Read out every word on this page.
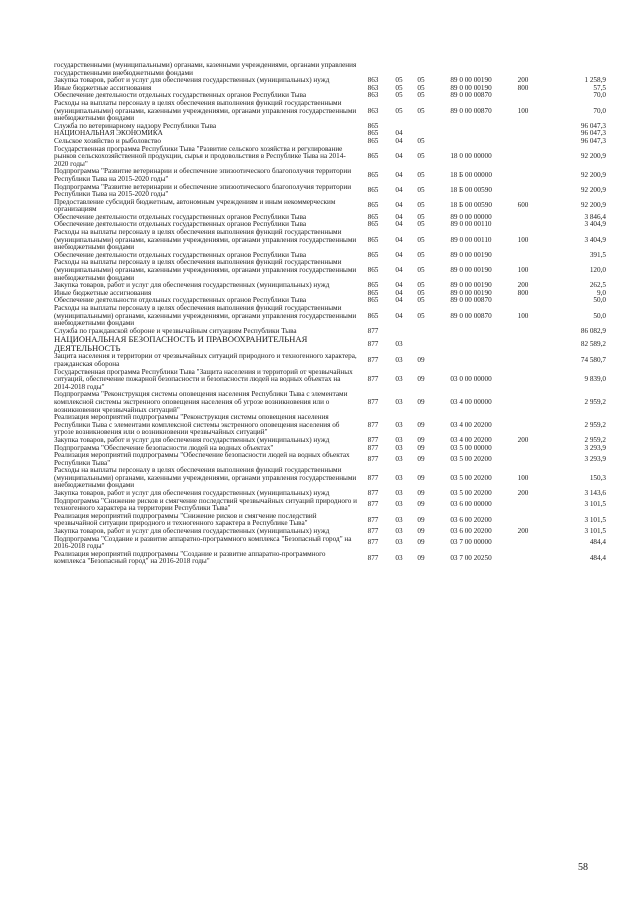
государственными (муниципальными) органами, казенными учреждениями, органами управления государственными внебюджетными фондами						
Закупка товаров, работ и услуг для обеспечения государственных (муниципальных) нужд	863	05	05	89 0 00 00190	200	1 258,9
Иные бюджетные ассигнования	863	05	05	89 0 00 00190	800	57,5
Обеспечение деятельности отдельных государственных органов Республики Тыва	863	05	05	89 0 00 00870		70,0
Расходы на выплаты персоналу в целях обеспечения выполнения функций государственными (муниципальными) органами, казенными учреждениями, органами управления государственными внебюджетными фондами	863	05	05	89 0 00 00870	100	70,0
Служба по ветеринарному надзору Республики Тыва	865					96 047,3
НАЦИОНАЛЬНАЯ ЭКОНОМИКА	865	04				96 047,3
Сельское хозяйство и рыболовство	865	04	05			96 047,3
Государственная программа Республики Тыва "Развитие сельского хозяйства и регулирование рынков сельскохозяйственной продукции, сырья и продовольствия в Республике Тыва на 2014-2020 годы"	865	04	05	18 0 00 00000		92 200,9
Подпрограмма "Развитие ветеринарии и обеспечение эпизоотического благополучия территории Республики Тыва на 2015-2020 годы"	865	04	05	18 Б 00 00000		92 200,9
Подпрограмма "Развитие ветеринарии и обеспечение эпизоотического благополучия территории Республики Тыва на 2015-2020 годы"	865	04	05	18 Б 00 00590		92 200,9
Предоставление субсидий бюджетным, автономным учреждениям и иным некоммерческим организациям	865	04	05	18 Б 00 00590	600	92 200,9
Обеспечение деятельности отдельных государственных органов Республики Тыва	865	04	05	89 0 00 00000		3 846,4
Обеспечение деятельности отдельных государственных органов Республики Тыва	865	04	05	89 0 00 00110		3 404,9
Расходы на выплаты персоналу в целях обеспечения выполнения функций государственными (муниципальными) органами, казенными учреждениями, органами управления государственными внебюджетными фондами	865	04	05	89 0 00 00110	100	3 404,9
Обеспечение деятельности отдельных государственных органов Республики Тыва	865	04	05	89 0 00 00190		391,5
Расходы на выплаты персоналу в целях обеспечения выполнения функций государственными (муниципальными) органами, казенными учреждениями, органами управления государственными внебюджетными фондами	865	04	05	89 0 00 00190	100	120,0
Закупка товаров, работ и услуг для обеспечения государственных (муниципальных) нужд	865	04	05	89 0 00 00190	200	262,5
Иные бюджетные ассигнования	865	04	05	89 0 00 00190	800	9,0
Обеспечение деятельности отдельных государственных органов Республики Тыва	865	04	05	89 0 00 00870		50,0
Расходы на выплаты персоналу в целях обеспечения выполнения функций государственными (муниципальными) органами, казенными учреждениями, органами управления государственными внебюджетными фондами	865	04	05	89 0 00 00870	100	50,0
Служба по гражданской обороне и чрезвычайным ситуациям Республики Тыва	877					86 082,9
НАЦИОНАЛЬНАЯ БЕЗОПАСНОСТЬ И ПРАВООХРАНИТЕЛЬНАЯ ДЕЯТЕЛЬНОСТЬ	877	03				82 589,2
Защита населения и территории от чрезвычайных ситуаций природного и техногенного характера, гражданская оборона	877	03	09			74 580,7
Государственная программа Республики Тыва "Защита населения и территорий от чрезвычайных ситуаций, обеспечение пожарной безопасности и безопасности людей на водных объектах на 2014-2018 годы"	877	03	09	03 0 00 00000		9 839,0
Подпрограмма "Реконструкция системы оповещения населения Республики Тыва с элементами комплексной системы экстренного оповещения населения об угрозе возникновения или о возникновении чрезвычайных ситуаций"	877	03	09	03 4 00 00000		2 959,2
Реализация мероприятий подпрограммы "Реконструкция системы оповещения населения Республики Тыва с элементами комплексной системы экстренного оповещения населения об угрозе возникновения или о возникновении чрезвычайных ситуаций"	877	03	09	03 4 00 20200		2 959,2
Закупка товаров, работ и услуг для обеспечения государственных (муниципальных) нужд	877	03	09	03 4 00 20200	200	2 959,2
Подпрограмма "Обеспечение безопасности людей на водных объектах"	877	03	09	03 5 00 00000		3 293,9
Реализация мероприятий подпрограммы "Обеспечение безопасности людей на водных объектах Республики Тыва"	877	03	09	03 5 00 20200		3 293,9
Расходы на выплаты персоналу в целях обеспечения выполнения функций государственными (муниципальными) органами, казенными учреждениями, органами управления государственными внебюджетными фондами	877	03	09	03 5 00 20200	100	150,3
Закупка товаров, работ и услуг для обеспечения государственных (муниципальных) нужд	877	03	09	03 5 00 20200	200	3 143,6
Подпрограмма "Снижение рисков и смягчение последствий чрезвычайных ситуаций природного и техногенного характера на территории Республики Тыва"	877	03	09	03 6 00 00000		3 101,5
Реализация мероприятий подпрограммы "Снижение рисков и смягчение последствий чрезвычайной ситуации природного и техногенного характера в Республике Тыва"	877	03	09	03 6 00 20200		3 101,5
Закупка товаров, работ и услуг для обеспечения государственных (муниципальных) нужд	877	03	09	03 6 00 20200	200	3 101,5
Подпрограмма "Создание и развитие аппаратно-программного комплекса "Безопасный город" на 2016-2018 годы"	877	03	09	03 7 00 00000		484,4
Реализация мероприятий подпрограммы "Создание и развитие аппаратно-программного комплекса "Безопасный город" на 2016-2018 годы"	877	03	09	03 7 00 20250		484,4
58
